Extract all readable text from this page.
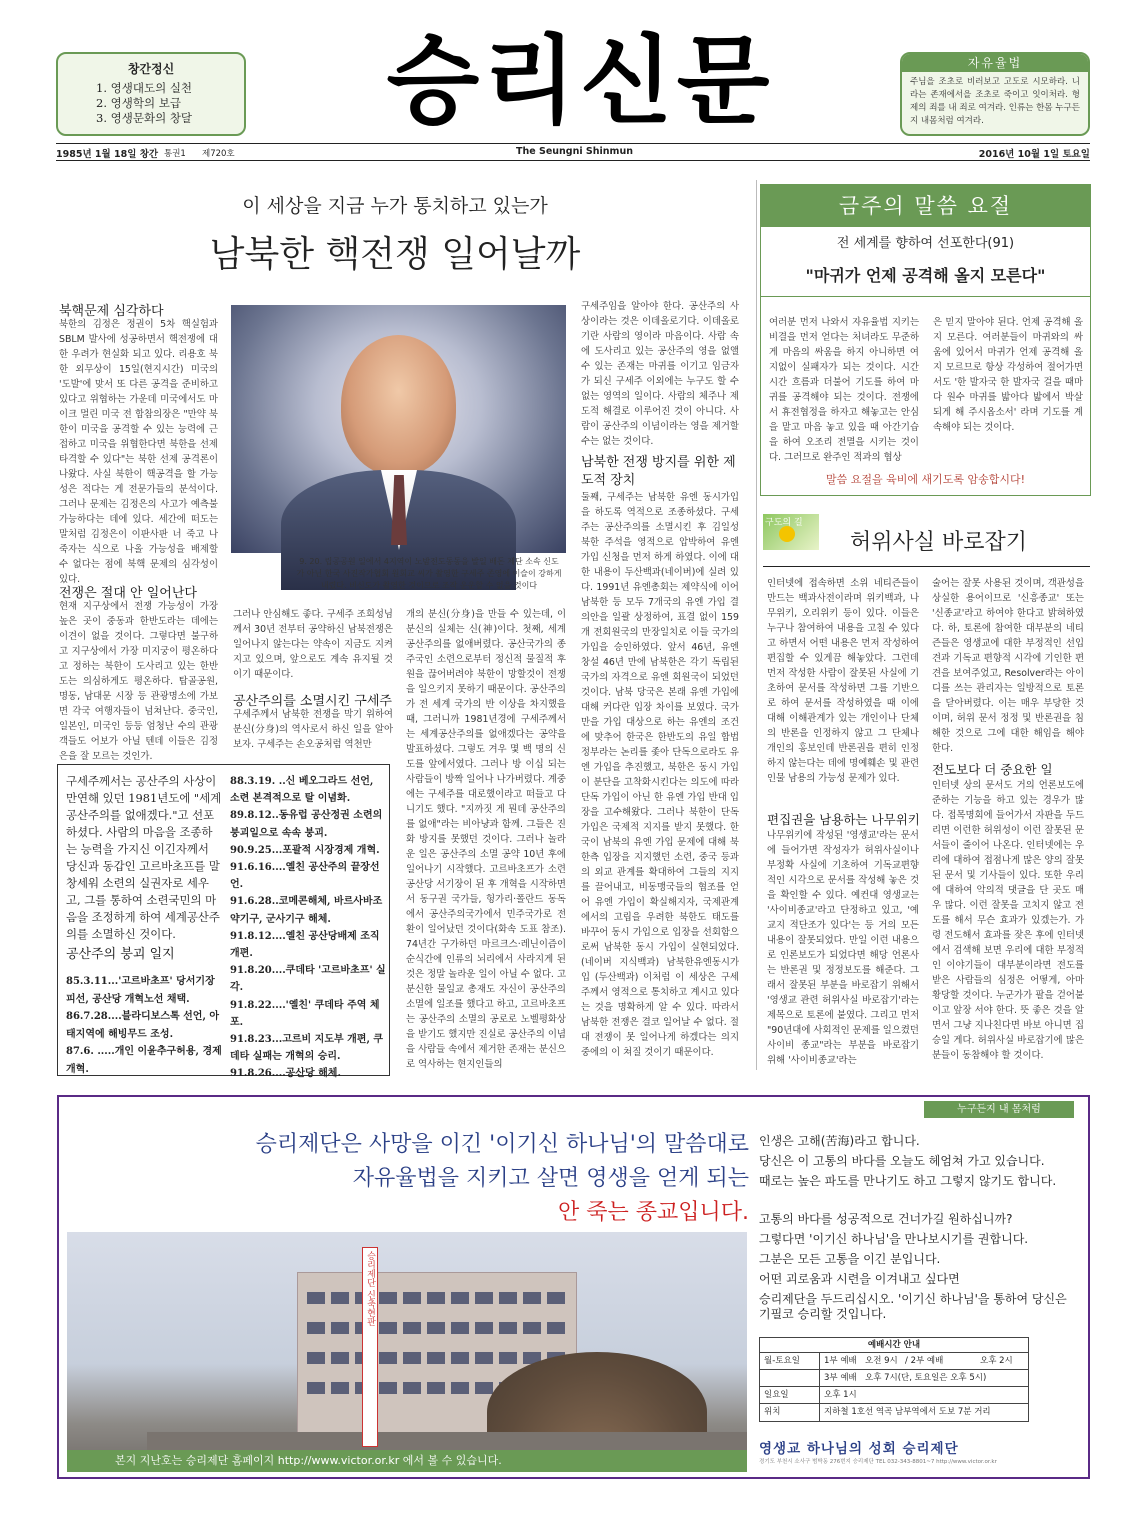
창간정신
1. 영생대도의 실천
2. 영생학의 보급
3. 영생문화의 창달	승리신문	자유율법
주님을 조초로 비러보고 고도로 시모하라. 니라는 존재에서을 조초로 죽이고 잇이처라. 형제의 죄를 내 죄로 여겨라. 인류는 한몸 누구든지 내몸처럼 여겨라.
1985년 1월 18일 창간 통권1 제720호	The Seungni Shinmun	2016년 10월 1일 토요일
이 세상을 지금 누가 통치하고 있는가
남북한 핵전쟁 일어날까
9. 20. 립공공원 일에서 4지역이 노밤전도동동을 발일 배돈 제단 소속 신도가 아닌 한국 사진작가협회 원회교 씨가 촬영한 구세주 존영에 이슬이 강하게 내렸다. 비신도가 촬영한 것이므로 조작 운운할 수 없을 것이다
북핵문제 심각하다
북한의 김정은 정권이 5차 핵실험과 SBLM 발사에 성공하면서 핵전쟁에 대한 우려가 현실화 되고 있다. 리용호 북한 외무상이 15일(현지시간) 미국의 '도발'에 맞서 또 다른 공격을 준비하고 있다고 위협하는 가운데 미국에서도 마이크 멀린 미국 전 합참의장은 "만약 북한이 미국을 공격할 수 있는 능력에 근접하고 미국을 위협한다면 북한을 선제 타격할 수 있다"는 북한 선제 공격론이 나왔다. 사실 북한이 핵공격을 할 가능성은 적다는 게 전문가들의 분석이다. 그러나 문제는 김정은의 사고가 예측불가능하다는 데에 있다. 세간에 떠도는 말처럼 김정은이 이판사판 너 죽고 나 죽자는 식으로 나올 가능성을 배제할 수 없다는 점에 북핵 문제의 심각성이 있다.
전쟁은 절대 안 일어난다
현재 지구상에서 전쟁 가능성이 가장 높은 곳이 중동과 한반도라는 데에는 이견이 없을 것이다. 그렇다면 불구하고 지구상에서 가장 미지궁이 평온하다고 정하는 북한이 도사리고 있는 한반도는 의심하게도 평온하다. 탑골공원, 명동, 남대문 시장 등 관광명소에 가보면 각국 여행자들이 넘쳐난다. 중국인, 일본인, 미국인 등등 엄청난 수의 관광객들도 어보가 아닐 텐데 이들은 김정은을 잘 모르는 것인가.
그러나 안심해도 좋다. 구세주 조희성님께서 30년 전부터 공약하신 남북전쟁은 일어나지 않는다는 약속이 지금도 지켜지고 있으며, 앞으로도 계속 유지될 것이기 때문이다.
공산주의를 소멸시킨 구세주
구세주께서 남북한 전쟁을 막기 위하여 분신(分身)의 역사로서 하신 일을 알아보자. 구세주는 손오공처럼 역천만
개의 분신(分身)을 만들 수 있는데, 이 분신의 실체는 신(神)이다. 첫째, 세계 공산주의를 없애버렸다. 공산국가의 종주국인 소련으로부터 정신적 물질적 후원을 끊어버려야 북한이 망할것이 전쟁을 일으키지 못하기 때문이다. 공산주의가 전 세계 국가의 반 이상을 차지했을 때, 그러니까 1981년경에 구세주께서는 세계공산주의를 없애겠다는 공약을 발표하셨다. 그렇도 겨우 몇 백 명의 신도를 앞에서였다. 그러나 방 이십 되는 사람들이 방짝 일어나 나가버렸다. 계중에는 구세주를 대로했이라고 떠들고 다니기도 했다. "지까짓 게 뭔데 공산주의를 없애"라는 비아냥과 함께. 그들은 진화 방지를 못했던 것이다. 그러나 놀라운 일은 공산주의 소멸 공약 10년 후에 일어나기 시작했다. 고르바초프가 소련 공산당 서기장이 된 후 개혁을 시작하면서 동구권 국가들, 헝가리·폴란드 동독에서 공산주의국가에서 민주국가로 전환이 일어났던 것이다(화속 도표 참조). 74년간 구가하던 마르크스·레닌이즘이 순식간에 인류의 뇌리에서 사라지게 된 것은 정말 놀라운 일이 아닐 수 없다. 고 분신한 물일교 총재도 자신이 공산주의 소멸에 일조를 했다고 하고, 고르바초프는 공산주의 소멸의 공로로 노벨평화상을 받기도 했지만 진실로 공산주의 이념을 사람들 속에서 제거한 존재는 분신으로 역사하는 현지인들의
구세주임을 알아야 한다. 공산주의 사상이라는 것은 이데올로기다. 이데올로기란 사람의 영이라 마음이다. 사람 속에 도사리고 있는 공산주의 영을 없앨 수 있는 존재는 마귀를 이기고 임금자가 되신 구세주 이외에는 누구도 할 수 없는 영역의 일이다. 사람의 체주나 제도적 해결로 이루어진 것이 아니다. 사람이 공산주의 이념이라는 영을 제거할 수는 없는 것이다.
남북한 전쟁 방지를 위한 제도적 장치
둘째, 구세주는 남북한 유엔 동시가입을 하도록 역적으로 조종하셨다. 구세주는 공산주의를 소멸시킨 후 김일성 북한 주석을 영적으로 압박하여 유엔 가입 신청을 먼저 하게 하였다. 이에 대한 내용이 두산백과(네이버)에 실려 있다. 1991년 유엔총회는 제약식에 이어 남북한 등 모두 7개국의 유엔 가입 결의안을 일괄 상정하여, 표결 없이 159개 전회원국의 만장일치로 이들 국가의 가입을 승인하였다. 앞서 46년, 유엔 창설 46년 만에 남북한은 각기 독립된 국가의 자격으로 유엔 회원국이 되었던 것이다. 남북 당국은 본래 유엔 가입에 대해 커다란 입장 차이를 보였다. 국가만을 가입 대상으로 하는 유엔의 조건에 맞추어 한국은 한반도의 유일 합법 정부라는 논리를 좇아 단독으로라도 유엔 가입을 추진했고, 북한은 동시 가입이 분단을 고착화시킨다는 의도에 따라 단독 가입이 아닌 한 유엔 가입 반대 입장을 고수해왔다. 그러나 북한이 단독 가입은 국제적 지지를 받지 못했다. 한국이 남북의 유엔 가입 문제에 대해 북한측 입장을 지지했던 소련, 중국 등과의 외교 관계를 확대하여 그들의 지지를 끌어내고, 비동맹국들의 협조를 얻어 유엔 가입이 확실해지자, 국제관계에서의 고립을 우려한 북한도 태도를 바꾸어 동시 가입으로 입장을 선회함으로써 남북한 동시 가입이 실현되었다. (네이버 지식백과) 남북한유엔동시가입 (두산백과) 이처럼 이 세상은 구세주께서 영적으로 통치하고 계시고 있다는 것을 명확하게 알 수 있다. 따라서 남북한 전쟁은 결코 일어날 수 없다. 절대 전쟁이 못 일어나게 하겠다는 의지 중에의 이 쳐질 것이기 때문이다.
구세주께서는 공산주의 사상이 만연해 있던 1981년도에 "세계 공산주의를 없애겠다."고 선포하셨다. 사람의 마음을 조종하는 능력을 가지신 이긴자께서 당신과 동갑인 고르바초프를 말창세워 소련의 실권자로 세우고, 그를 통하여 소련국민의 마음을 조정하게 하여 세계공산주의를 소멸하신 것이다.
공산주의 붕괴 일지
85.3.11...'고르바초프' 당서기장 피선, 공산당 개혁노선 채택.
86.7.28....블라디보스톡 선언, 아태지역에 해빙무드 조성.
87.6. .....개인 이윤추구허용, 경제개혁.
88.3.19. ..신 베오그라드 선언, 소련 본격적으로 탈 이념화.
89.8.12..동유럽 공산정권 소련의 붕괴일으로 속속 붕괴.
90.9.25...포괄적 시장경제 개혁.
91.6.16....옐친 공산주의 끝장선언.
91.6.28..코메콘해체, 바르사바조약기구, 군사기구 해체.
91.8.12....옐친 공산당배제 조직개편.
91.8.20....쿠데타 '고르바초프' 실각.
91.8.22....'옐친' 쿠데타 주역 체포.
91.8.23...고르비 지도부 개편, 쿠데타 실패는 개혁의 승리.
91.8.26....공산당 해체.
금주의 말씀 요절
전 세계를 향하여 선포한다(91)
"마귀가 언제 공격해 올지 모른다"
여러분 먼저 나와서 자유율법 지키는 비결을 먼저 얻다는 처녀라도 무준하게 마음의 싸움을 하지 아니하면 여지없이 실패자가 되는 것이다. 시간시간 흐름과 더불어 기도를 하여 마귀를 공격해야 되는 것이다. 전쟁에서 휴전협정을 하자고 해놓고는 안심을 맡고 마음 놓고 있을 때 아간기습을 하여 오조리 전멸을 시키는 것이다. 그러므로 완주인 적과의 협상
은 믿지 말아야 된다. 언제 공격해 올 지 모른다. 여러분들이 마귀와의 싸움에 있어서 마귀가 언제 공격해 올 지 모르므로 항상 각성하여 절어가면서도 '한 발자국 한 발자국 걸을 때마다 원수 마귀를 밟아다 밟에서 박살되게 해 주시옵소서' 라며 기도를 계속해야 되는 것이다.
말씀 요절을 육비에 새기도록 암송합시다!
구도의 길
허위사실 바로잡기
인터넷에 접속하면 소위 네티즌들이 만드는 백과사전이라며 위키백과, 나무위키, 오리위키 등이 있다. 이들은 누구나 참여하여 내용을 고칠 수 있다고 하면서 어떤 내용은 먼저 작성하여 편집할 수 있게끔 해놓았다. 그런데 먼저 작성한 사람이 잘못된 사실에 기초하여 문서를 작성하면 그를 기반으로 하여 문서를 작성하였을 때 이에 대해 이해관계가 있는 개인이나 단체의 반론을 인정하지 않고 그 단체나 개인의 홍보인데 반론권을 편히 인정하지 않는다는 데에 명예훼손 및 관련인물 남용의 가능성 문제가 있다.
편집권을 남용하는 나무위키
나무위키에 작성된 '영생교'라는 문서에 들어가면 작성자가 허위사실이나 부정확 사실에 기초하여 기독교편향적인 시각으로 문서를 작성해 놓은 것을 확인할 수 있다. 예컨대 영생교는 '사이비종교'라고 단정하고 있고, '예교지 적단조가 있다'는 등 거의 모든 내용이 잘못되었다. 만일 이런 내용으로 인론보도가 되었다면 해당 언론사는 반론권 및 정정보도를 해준다. 그래서 잘못된 부분을 바로잡기 위해서 '영생교 관련 허위사실 바로잡기'라는 제목으로 토론에 붙였다. 그리고 먼저 "90년대에 사회적인 문제를 일으켰던 사이비 종교"라는 부분을 바로잡기 위해 '사이비종교'라는
술어는 잘못 사용된 것이며, 객관성을 상실한 용어이므로 '신흥종교' 또는 '신종교'라고 하여야 한다고 밝혀하였다. 하, 토론에 참여한 대부분의 네티즌들은 영생교에 대한 부정적인 선입견과 기독교 편향적 시각에 기인한 편견을 보여주었고, Resolver라는 아이디를 쓰는 관리자는 일방적으로 토론을 닫아버렸다. 이는 매우 부당한 것이며, 허위 문서 정정 및 반론권을 침해한 것으로 그에 대한 해임을 해야 한다.
전도보다 더 중요한 일
인터넷 상의 문서도 거의 언론보도에 준하는 기능을 하고 있는 경우가 많다. 접목명회에 들어가서 자판을 두드리면 이런한 허위성이 이런 잘못된 문서들이 줄이어 나온다. 인터넷에는 우리에 대하여 접점나게 많은 양의 잘못된 문서 및 기사들이 있다. 또한 우리에 대하여 악의적 댓글을 단 곳도 매우 많다. 이런 잘못을 고치지 않고 전도를 해서 무슨 효과가 있겠는가. 가령 전도해서 효과를 잦은 후에 인터넷에서 검색해 보면 우리에 대한 부정적인 이야기들이 대부분이라면 전도를 받은 사람들의 심정은 어떻게, 아마 황당할 것이다. 누군가가 팔을 걷어붙이고 앞장 서야 한다. 뜻 좋은 것을 알면서 그냥 지나친다면 바보 아니면 집승일 게다. 허위사실 바로잡기에 많은 분들이 동참해야 할 것이다.
누구든지 내 몸처럼
승리제단은 사망을 이긴 '이기신 하나님'의 말씀대로
자유율법을 지키고 살면 영생을 얻게 되는
안 죽는 종교입니다.
승리제단 신축현판
본지 지난호는 승리제단 홈페이지 http://www.victor.or.kr 에서 볼 수 있습니다.
인생은 고해(苦海)라고 합니다.
당신은 이 고통의 바다를 오늘도 헤엄쳐 가고 있습니다.
때로는 높은 파도를 만나기도 하고 그렇지 않기도 합니다.
고통의 바다를 성공적으로 건너가길 원하십니까?
그렇다면 '이기신 하나님'을 만나보시기를 권합니다.
그분은 모든 고통을 이긴 분입니다.
어떤 괴로움과 시련을 이겨내고 싶다면
승리제단을 두드리십시오. '이기신 하나님'을 통하여 당신은 기필코 승리할 것입니다.
예배시간 안내
월-토요일	1부 예배 오전 9시 / 2부 예배	오후 2시
3부 예배 오후 7시(단, 토요일은 오후 5시)
일요일	오후 1시
위치	지하철 1호선 역곡 남부역에서 도보 7분 거리
영생교 하나님의 성회 승리제단
경기도 부천시 소사구 범박동 276번지 승리제단 TEL 032-343-8801~7 http://www.victor.or.kr
